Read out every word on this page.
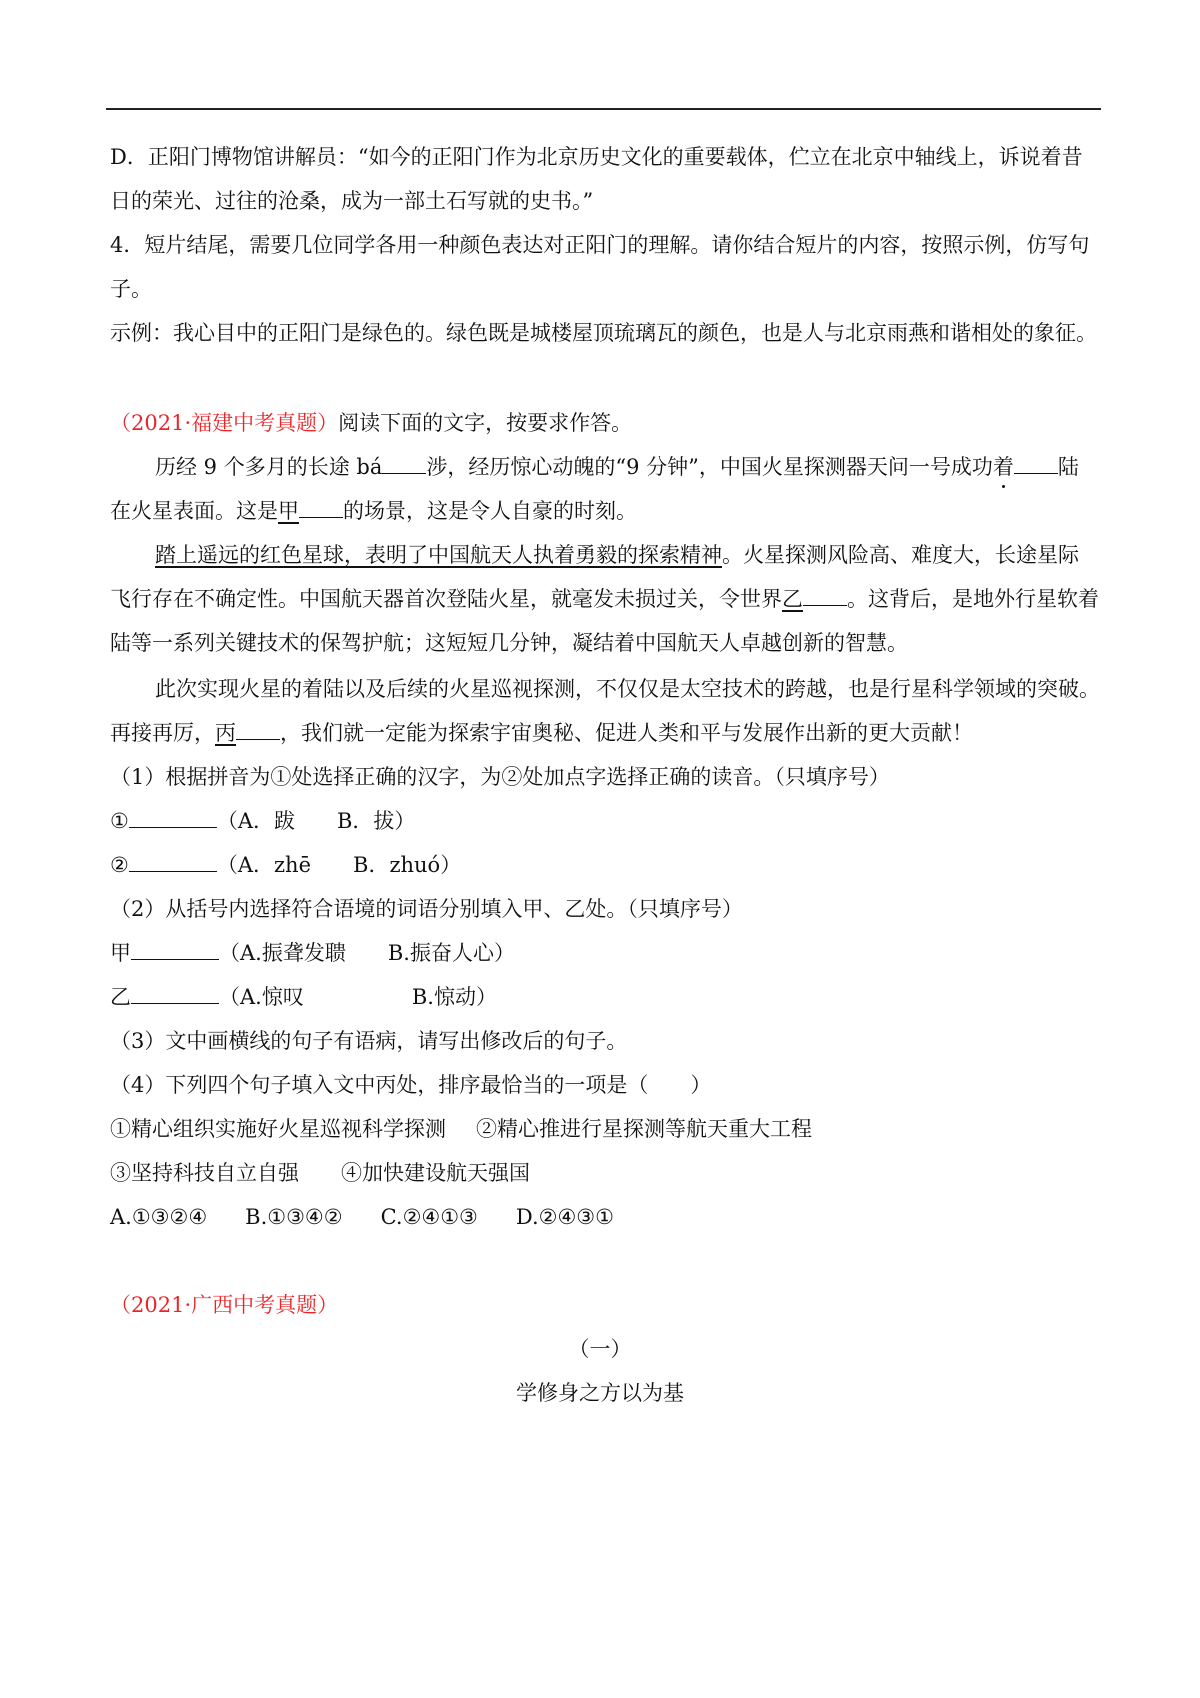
D．正阳门博物馆讲解员：“如今的正阳门作为北京历史文化的重要载体，伫立在北京中轴线上，诉说着昔
日的荣光、过往的沧桑，成为一部土石写就的史书。”
4．短片结尾，需要几位同学各用一种颜色表达对正阳门的理解。请你结合短片的内容，按照示例，仿写句
子。
示例：我心目中的正阳门是绿色的。绿色既是城楼屋顶琉璃瓦的颜色，也是人与北京雨燕和谐相处的象征。
（2021·福建中考真题）阅读下面的文字，按要求作答。
历经 9 个多月的长途 bá 涉，经历惊心动魄的“9 分钟”，中国火星探测器天问一号成功着 陆
在火星表面。这是甲 的场景，这是令人自豪的时刻。
踏上遥远的红色星球，表明了中国航天人执着勇毅的探索精神。火星探测风险高、难度大，长途星际
飞行存在不确定性。中国航天器首次登陆火星，就毫发未损过关，令世界乙 。这背后，是地外行星软着
陆等一系列关键技术的保驾护航；这短短几分钟，凝结着中国航天人卓越创新的智慧。
此次实现火星的着陆以及后续的火星巡视探测，不仅仅是太空技术的跨越，也是行星科学领域的突破。
再接再厉，丙 ，我们就一定能为探索宇宙奥秘、促进人类和平与发展作出新的更大贡献！
（1）根据拼音为①处选择正确的汉字，为②处加点字选择正确的读音。（只填序号）
①	（A．跋　　B．拔）
②	（A．zhē　　B．zhuó）
（2）从括号内选择符合语境的词语分别填入甲、乙处。（只填序号）
甲	（A.振聋发聩　　B.振奋人心）
乙	（A.惊叹	B.惊动）
（3）文中画横线的句子有语病，请写出修改后的句子。
（4）下列四个句子填入文中丙处，排序最恰当的一项是（　　）
①精心组织实施好火星巡视科学探测 ②精心推进行星探测等航天重大工程
③坚持科技自立自强 ④加快建设航天强国
A.①③②④ B.①③④② C.②④①③ D.②④③①
（2021·广西中考真题）
（一）
学修身之方以为基
